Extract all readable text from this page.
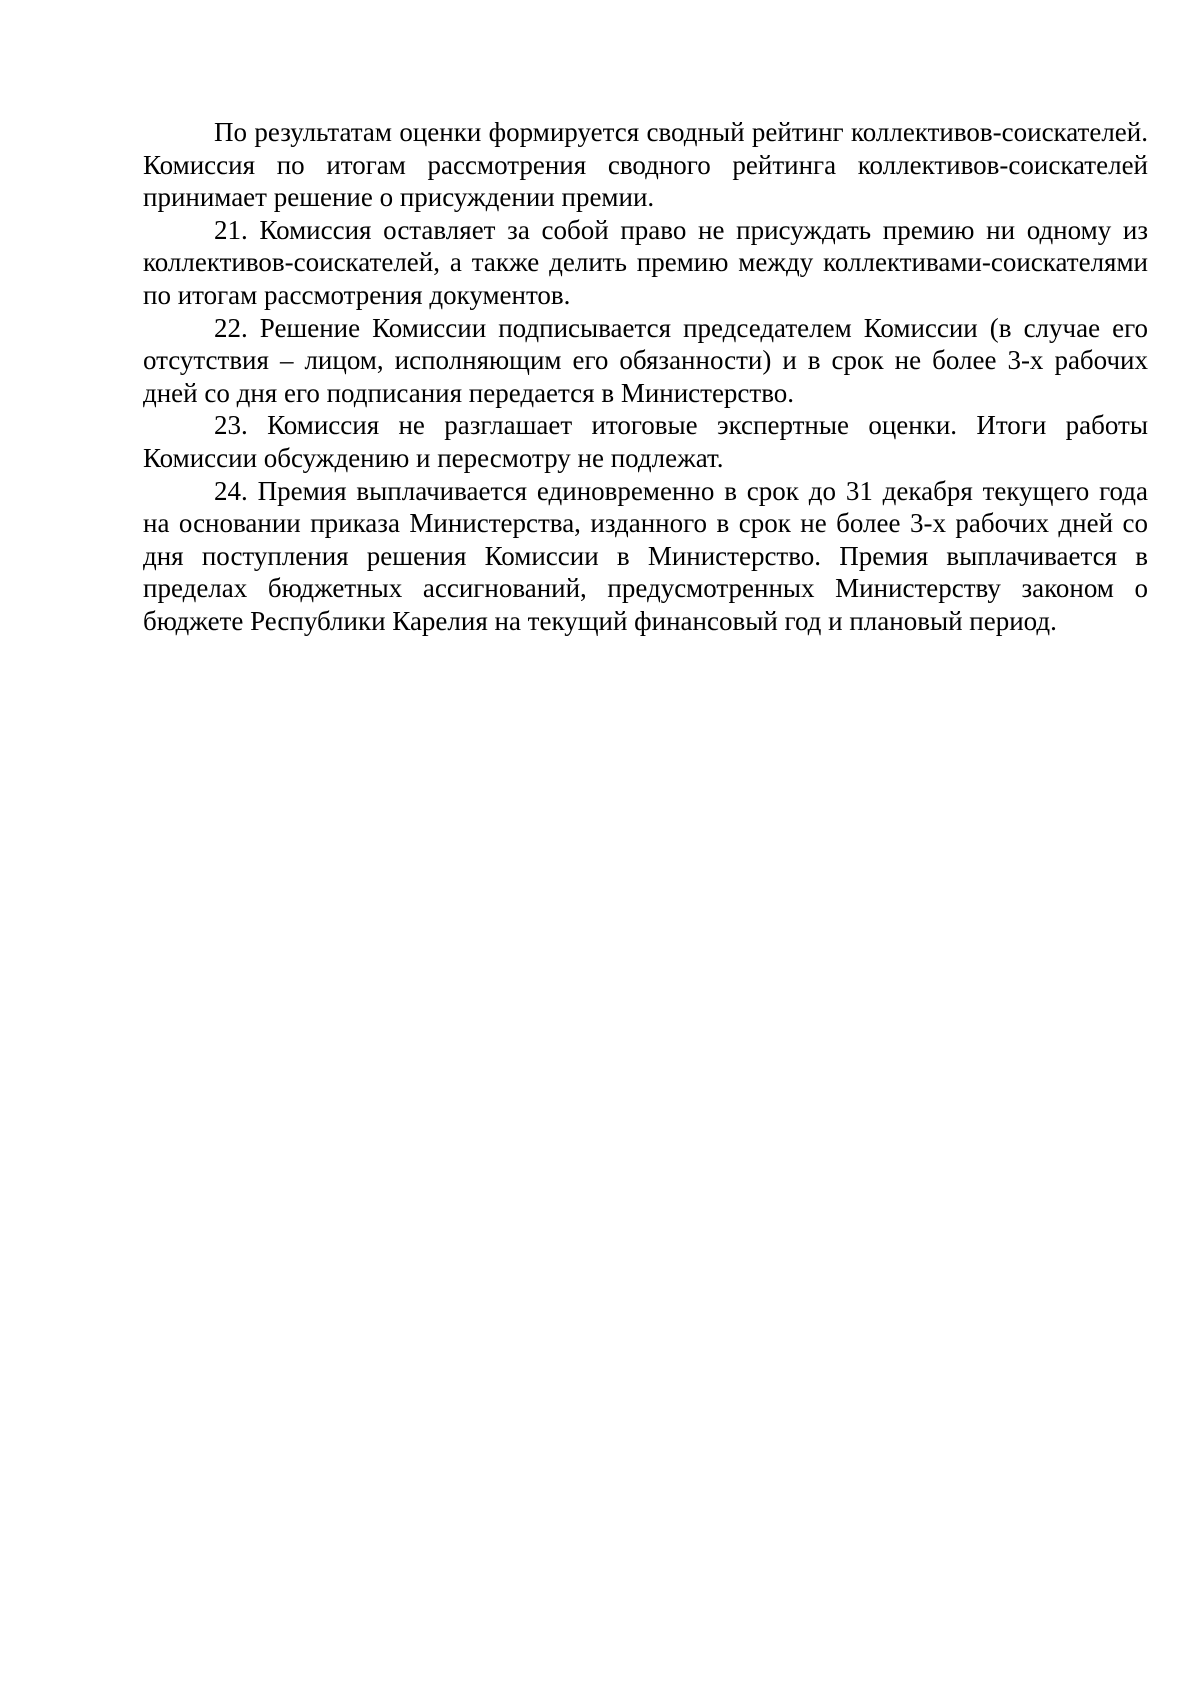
По результатам оценки формируется сводный рейтинг коллективов-соискателей. Комиссия по итогам рассмотрения сводного рейтинга коллективов-соискателей принимает решение о присуждении премии.

21. Комиссия оставляет за собой право не присуждать премию ни одному из коллективов-соискателей, а также делить премию между коллективами-соискателями по итогам рассмотрения документов.

22. Решение Комиссии подписывается председателем Комиссии (в случае его отсутствия – лицом, исполняющим его обязанности) и в срок не более 3-х рабочих дней со дня его подписания передается в Министерство.

23. Комиссия не разглашает итоговые экспертные оценки. Итоги работы Комиссии обсуждению и пересмотру не подлежат.

24. Премия выплачивается единовременно в срок до 31 декабря текущего года на основании приказа Министерства, изданного в срок не более 3-х рабочих дней со дня поступления решения Комиссии в Министерство. Премия выплачивается в пределах бюджетных ассигнований, предусмотренных Министерству законом о бюджете Республики Карелия на текущий финансовый год и плановый период.
